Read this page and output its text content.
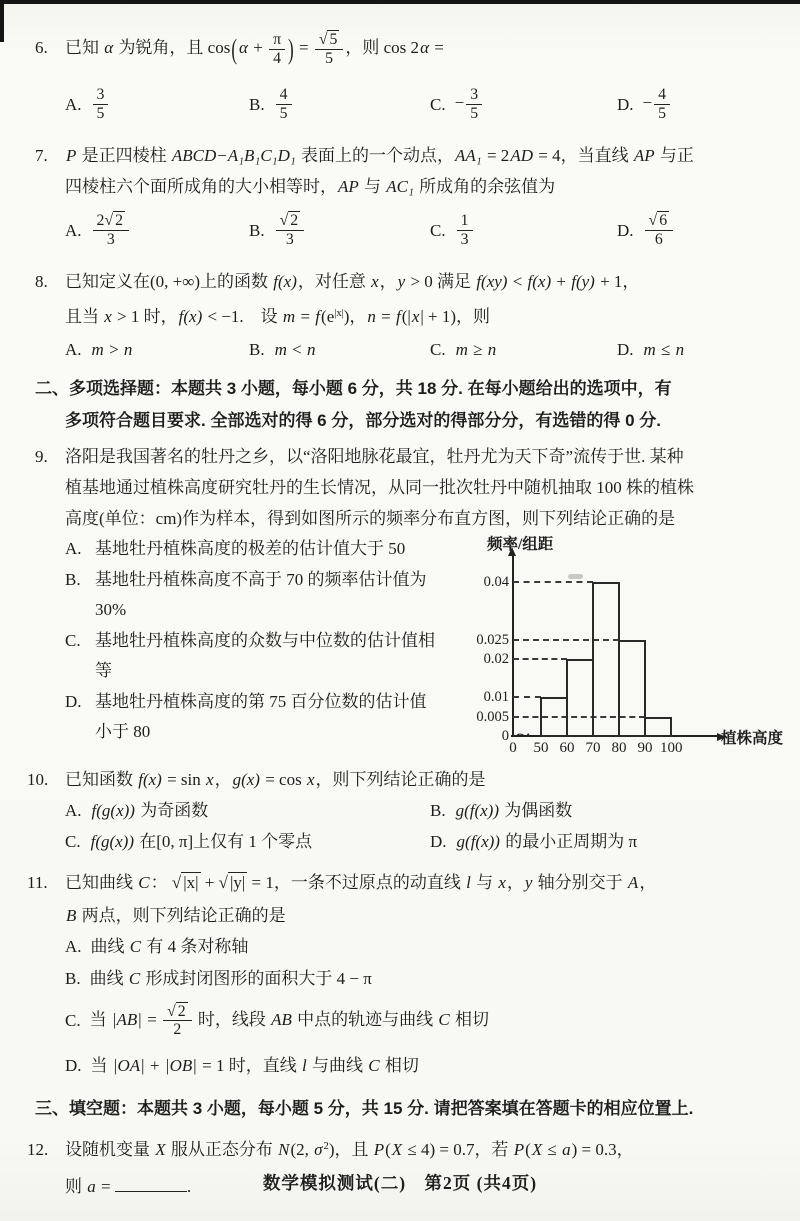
6.	已知 α 为锐角，且 cos( $\alpha + \frac{\pi}{4}$ ) = $\frac{√ 5}{5}$ ，则 cos 2α =
A. $\frac{3}{5}$	B. $\frac{4}{5}$	C. − $\frac{3}{5}$	D. − $\frac{4}{5}$
7.	P 是正四棱柱 ABCD−A₁B₁C₁D₁ 表面上的一个动点，AA₁ = 2AD = 4，当直线 AP 与正
四棱柱六个面所成角的大小相等时，AP 与 AC₁ 所成角的余弦值为
A. $\frac{2√ 2}{3}$	B. $\frac{√ 2}{3}$	C. $\frac{1}{3}$	D. $\frac{√ 6}{6}$
8.	已知定义在(0, +∞)上的函数 f(x)，对任意 x，y > 0 满足 f(xy) < f(x) + f(y) + 1，
且当 x > 1 时，f(x) < −1.　设 $m = f(e^{|x|})$，n = f(|x| + 1)，则
A. m > n	B. m < n	C. m ≥ n	D. m ≤ n
二、多项选择题：本题共 3 小题，每小题 6 分，共 18 分. 在每小题给出的选项中，有
多项符合题目要求. 全部选对的得 6 分，部分选对的得部分分，有选错的得 0 分.
9.	洛阳是我国著名的牡丹之乡，以“洛阳地脉花最宜，牡丹尤为天下奇”流传于世. 某种
植基地通过植株高度研究牡丹的生长情况，从同一批次牡丹中随机抽取 100 株的植株
高度(单位：cm)作为样本，得到如图所示的频率分布直方图，则下列结论正确的是
A. 基地牡丹植株高度的极差的估计值大于 50
B. 基地牡丹植株高度不高于 70 的频率估计值为 30%
C. 基地牡丹植株高度的众数与中位数的估计值相等
D. 基地牡丹植株高度的第 75 百分位数的估计值小于 80
频率/组距
~
0
0.005
0.01
0.02
0.025
0.04
0	50 60 70 80 90 100
植株高度
10. 已知函数 f(x) = sin x，g(x) = cos x，则下列结论正确的是
A. f(g(x)) 为奇函数	B. g(f(x)) 为偶函数
C. f(g(x)) 在[0, π]上仅有 1 个零点	D. g(f(x)) 的最小正周期为 π
11.	已知曲线 C： √ |x| + √ |y| = 1，一条不过原点的动直线 l 与 x，y 轴分别交于 A，
B 两点，则下列结论正确的是
A. 曲线 C 有 4 条对称轴
B. 曲线 C 形成封闭图形的面积大于 4 − π
C. 当 $|AB| = \frac{√ 2}{2}$ 时，线段 AB 中点的轨迹与曲线 C 相切
D. 当 |OA| + |OB| = 1 时，直线 l 与曲线 C 相切
三、填空题：本题共 3 小题，每小题 5 分，共 15 分. 请把答案填在答题卡的相应位置上.
12. 设随机变量 X 服从正态分布 N(2, $\sigma^2$)，且 P(X ≤ 4) = 0.7，若 P(X ≤ a) = 0.3，
则 a =	.	数学模拟测试(二)　第2页 (共4页)
